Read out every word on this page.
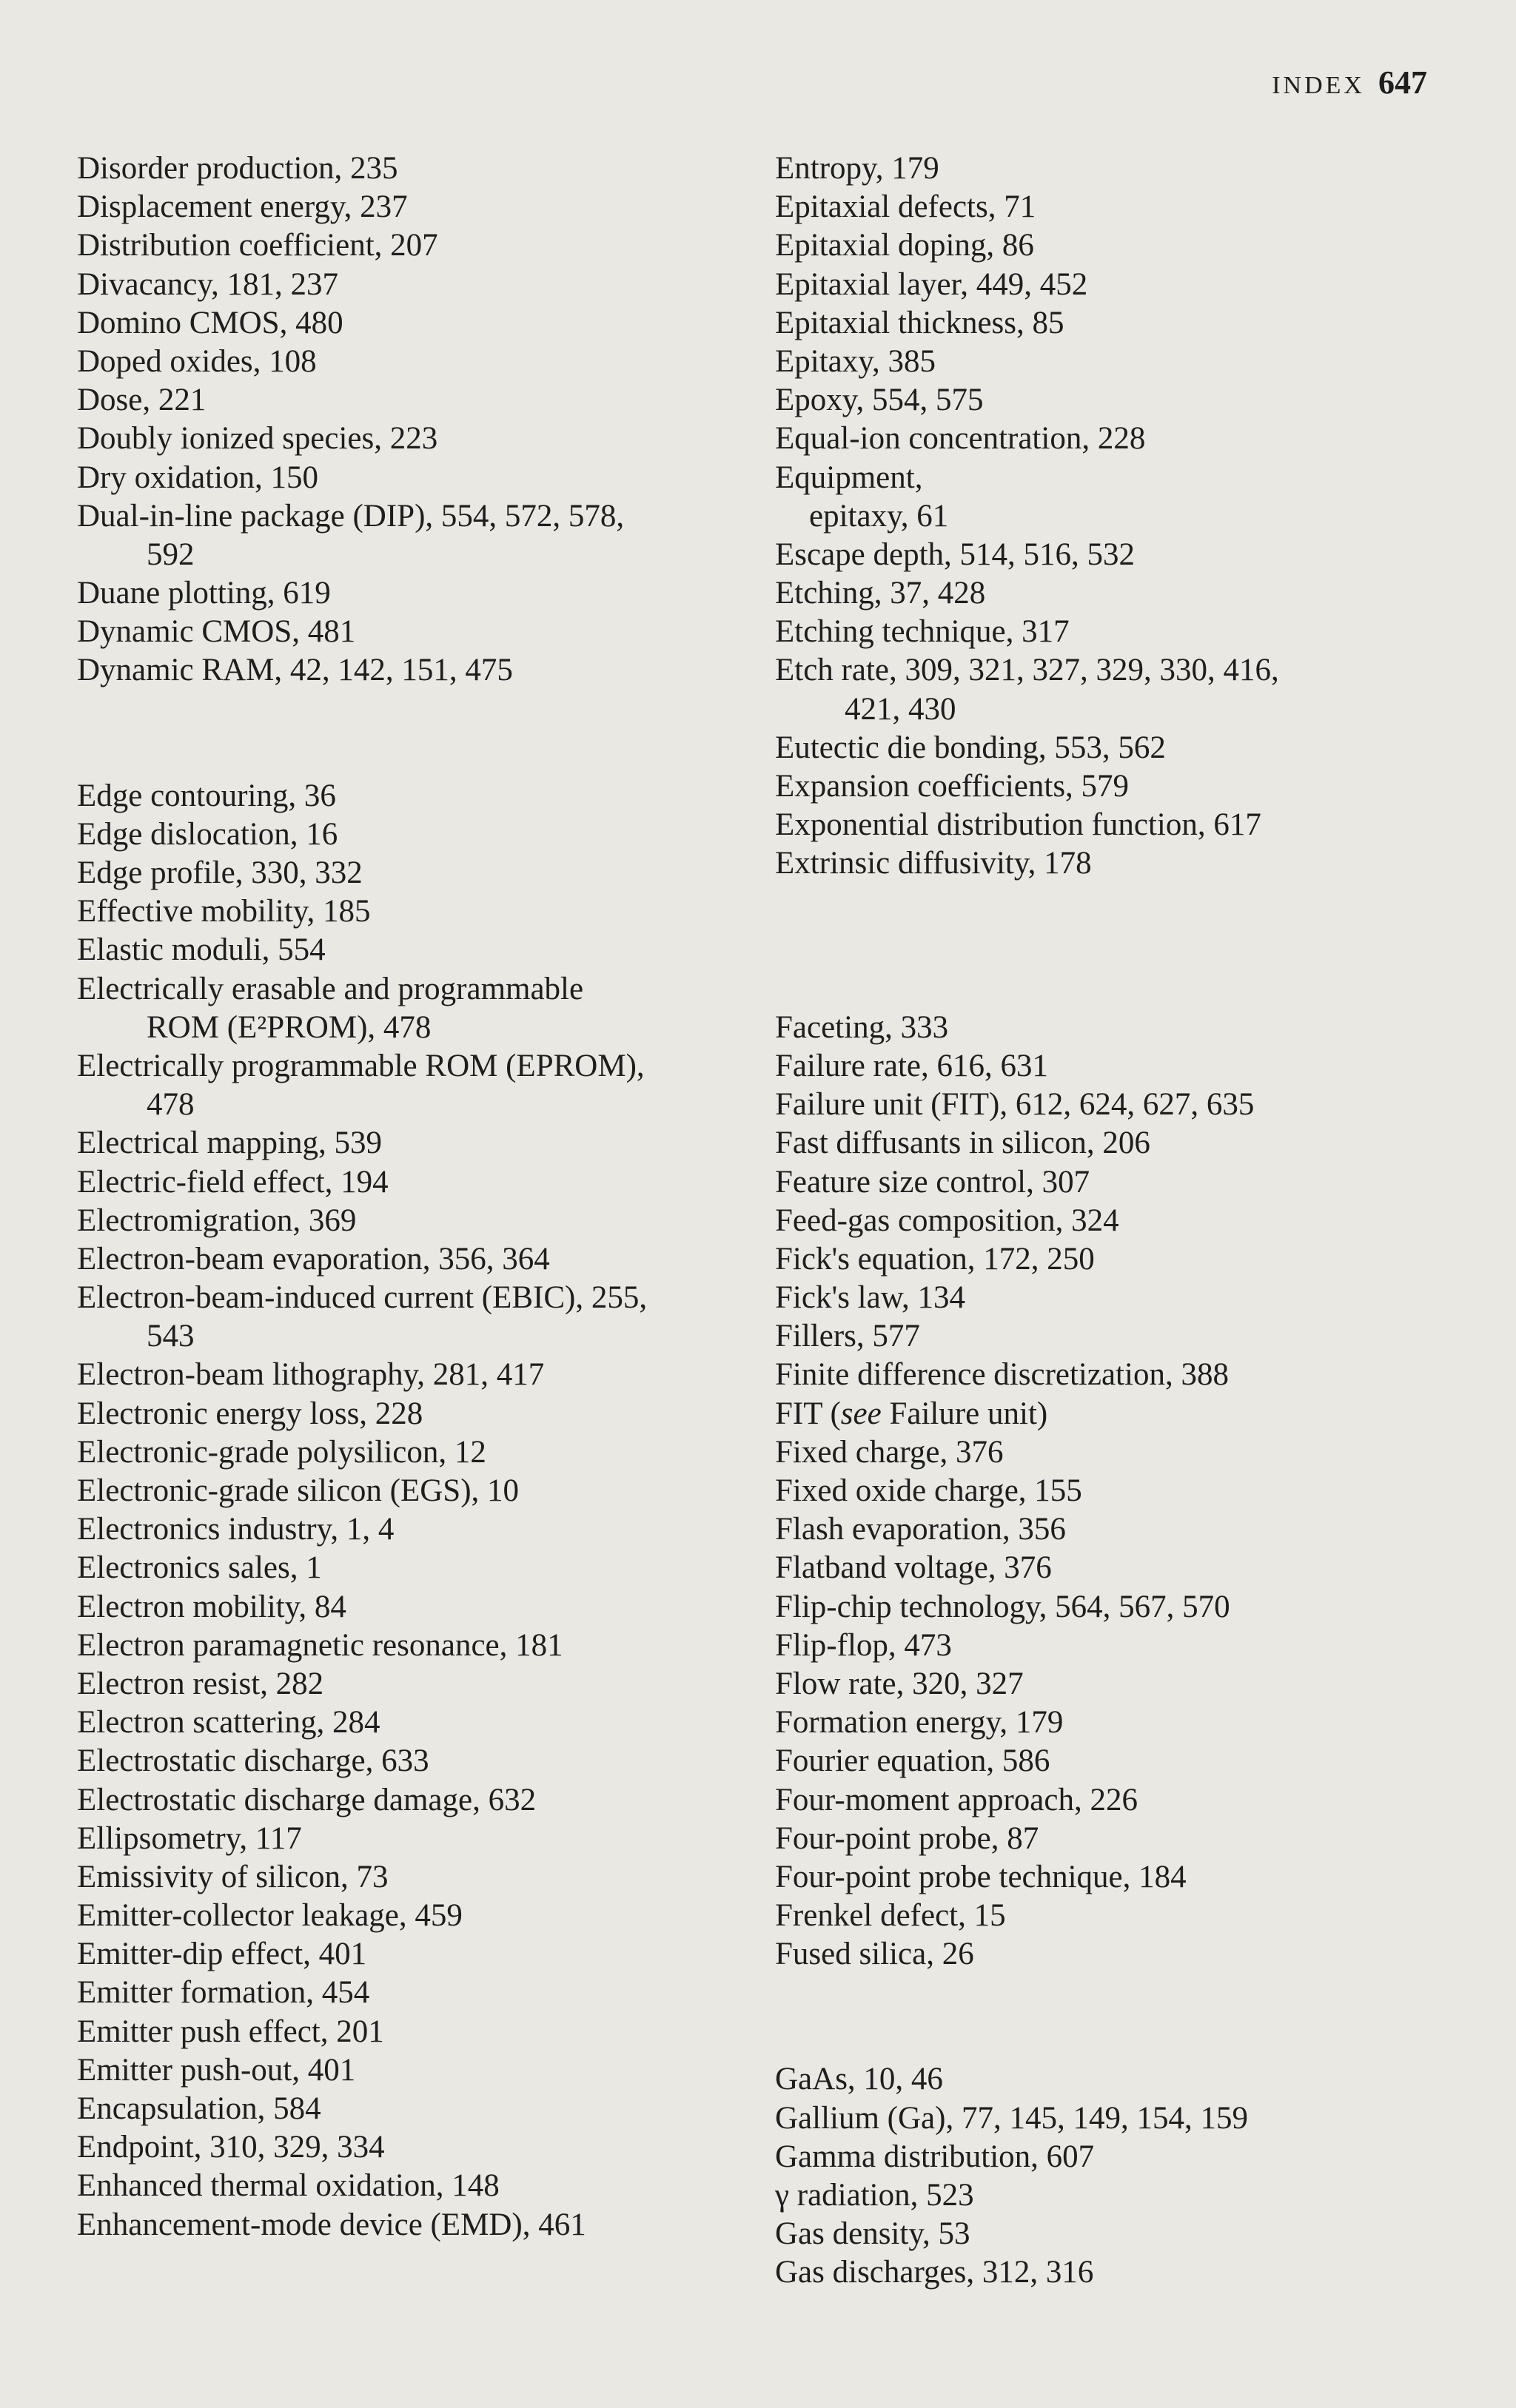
INDEX 647
Disorder production, 235
Displacement energy, 237
Distribution coefficient, 207
Divacancy, 181, 237
Domino CMOS, 480
Doped oxides, 108
Dose, 221
Doubly ionized species, 223
Dry oxidation, 150
Dual-in-line package (DIP), 554, 572, 578,
592
Duane plotting, 619
Dynamic CMOS, 481
Dynamic RAM, 42, 142, 151, 475
Edge contouring, 36
Edge dislocation, 16
Edge profile, 330, 332
Effective mobility, 185
Elastic moduli, 554
Electrically erasable and programmable
ROM (E²PROM), 478
Electrically programmable ROM (EPROM),
478
Electrical mapping, 539
Electric-field effect, 194
Electromigration, 369
Electron-beam evaporation, 356, 364
Electron-beam-induced current (EBIC), 255,
543
Electron-beam lithography, 281, 417
Electronic energy loss, 228
Electronic-grade polysilicon, 12
Electronic-grade silicon (EGS), 10
Electronics industry, 1, 4
Electronics sales, 1
Electron mobility, 84
Electron paramagnetic resonance, 181
Electron resist, 282
Electron scattering, 284
Electrostatic discharge, 633
Electrostatic discharge damage, 632
Ellipsometry, 117
Emissivity of silicon, 73
Emitter-collector leakage, 459
Emitter-dip effect, 401
Emitter formation, 454
Emitter push effect, 201
Emitter push-out, 401
Encapsulation, 584
Endpoint, 310, 329, 334
Enhanced thermal oxidation, 148
Enhancement-mode device (EMD), 461
Entropy, 179
Epitaxial defects, 71
Epitaxial doping, 86
Epitaxial layer, 449, 452
Epitaxial thickness, 85
Epitaxy, 385
Epoxy, 554, 575
Equal-ion concentration, 228
Equipment,
epitaxy, 61
Escape depth, 514, 516, 532
Etching, 37, 428
Etching technique, 317
Etch rate, 309, 321, 327, 329, 330, 416,
421, 430
Eutectic die bonding, 553, 562
Expansion coefficients, 579
Exponential distribution function, 617
Extrinsic diffusivity, 178
Faceting, 333
Failure rate, 616, 631
Failure unit (FIT), 612, 624, 627, 635
Fast diffusants in silicon, 206
Feature size control, 307
Feed-gas composition, 324
Fick's equation, 172, 250
Fick's law, 134
Fillers, 577
Finite difference discretization, 388
FIT (see Failure unit)
Fixed charge, 376
Fixed oxide charge, 155
Flash evaporation, 356
Flatband voltage, 376
Flip-chip technology, 564, 567, 570
Flip-flop, 473
Flow rate, 320, 327
Formation energy, 179
Fourier equation, 586
Four-moment approach, 226
Four-point probe, 87
Four-point probe technique, 184
Frenkel defect, 15
Fused silica, 26
GaAs, 10, 46
Gallium (Ga), 77, 145, 149, 154, 159
Gamma distribution, 607
γ radiation, 523
Gas density, 53
Gas discharges, 312, 316
